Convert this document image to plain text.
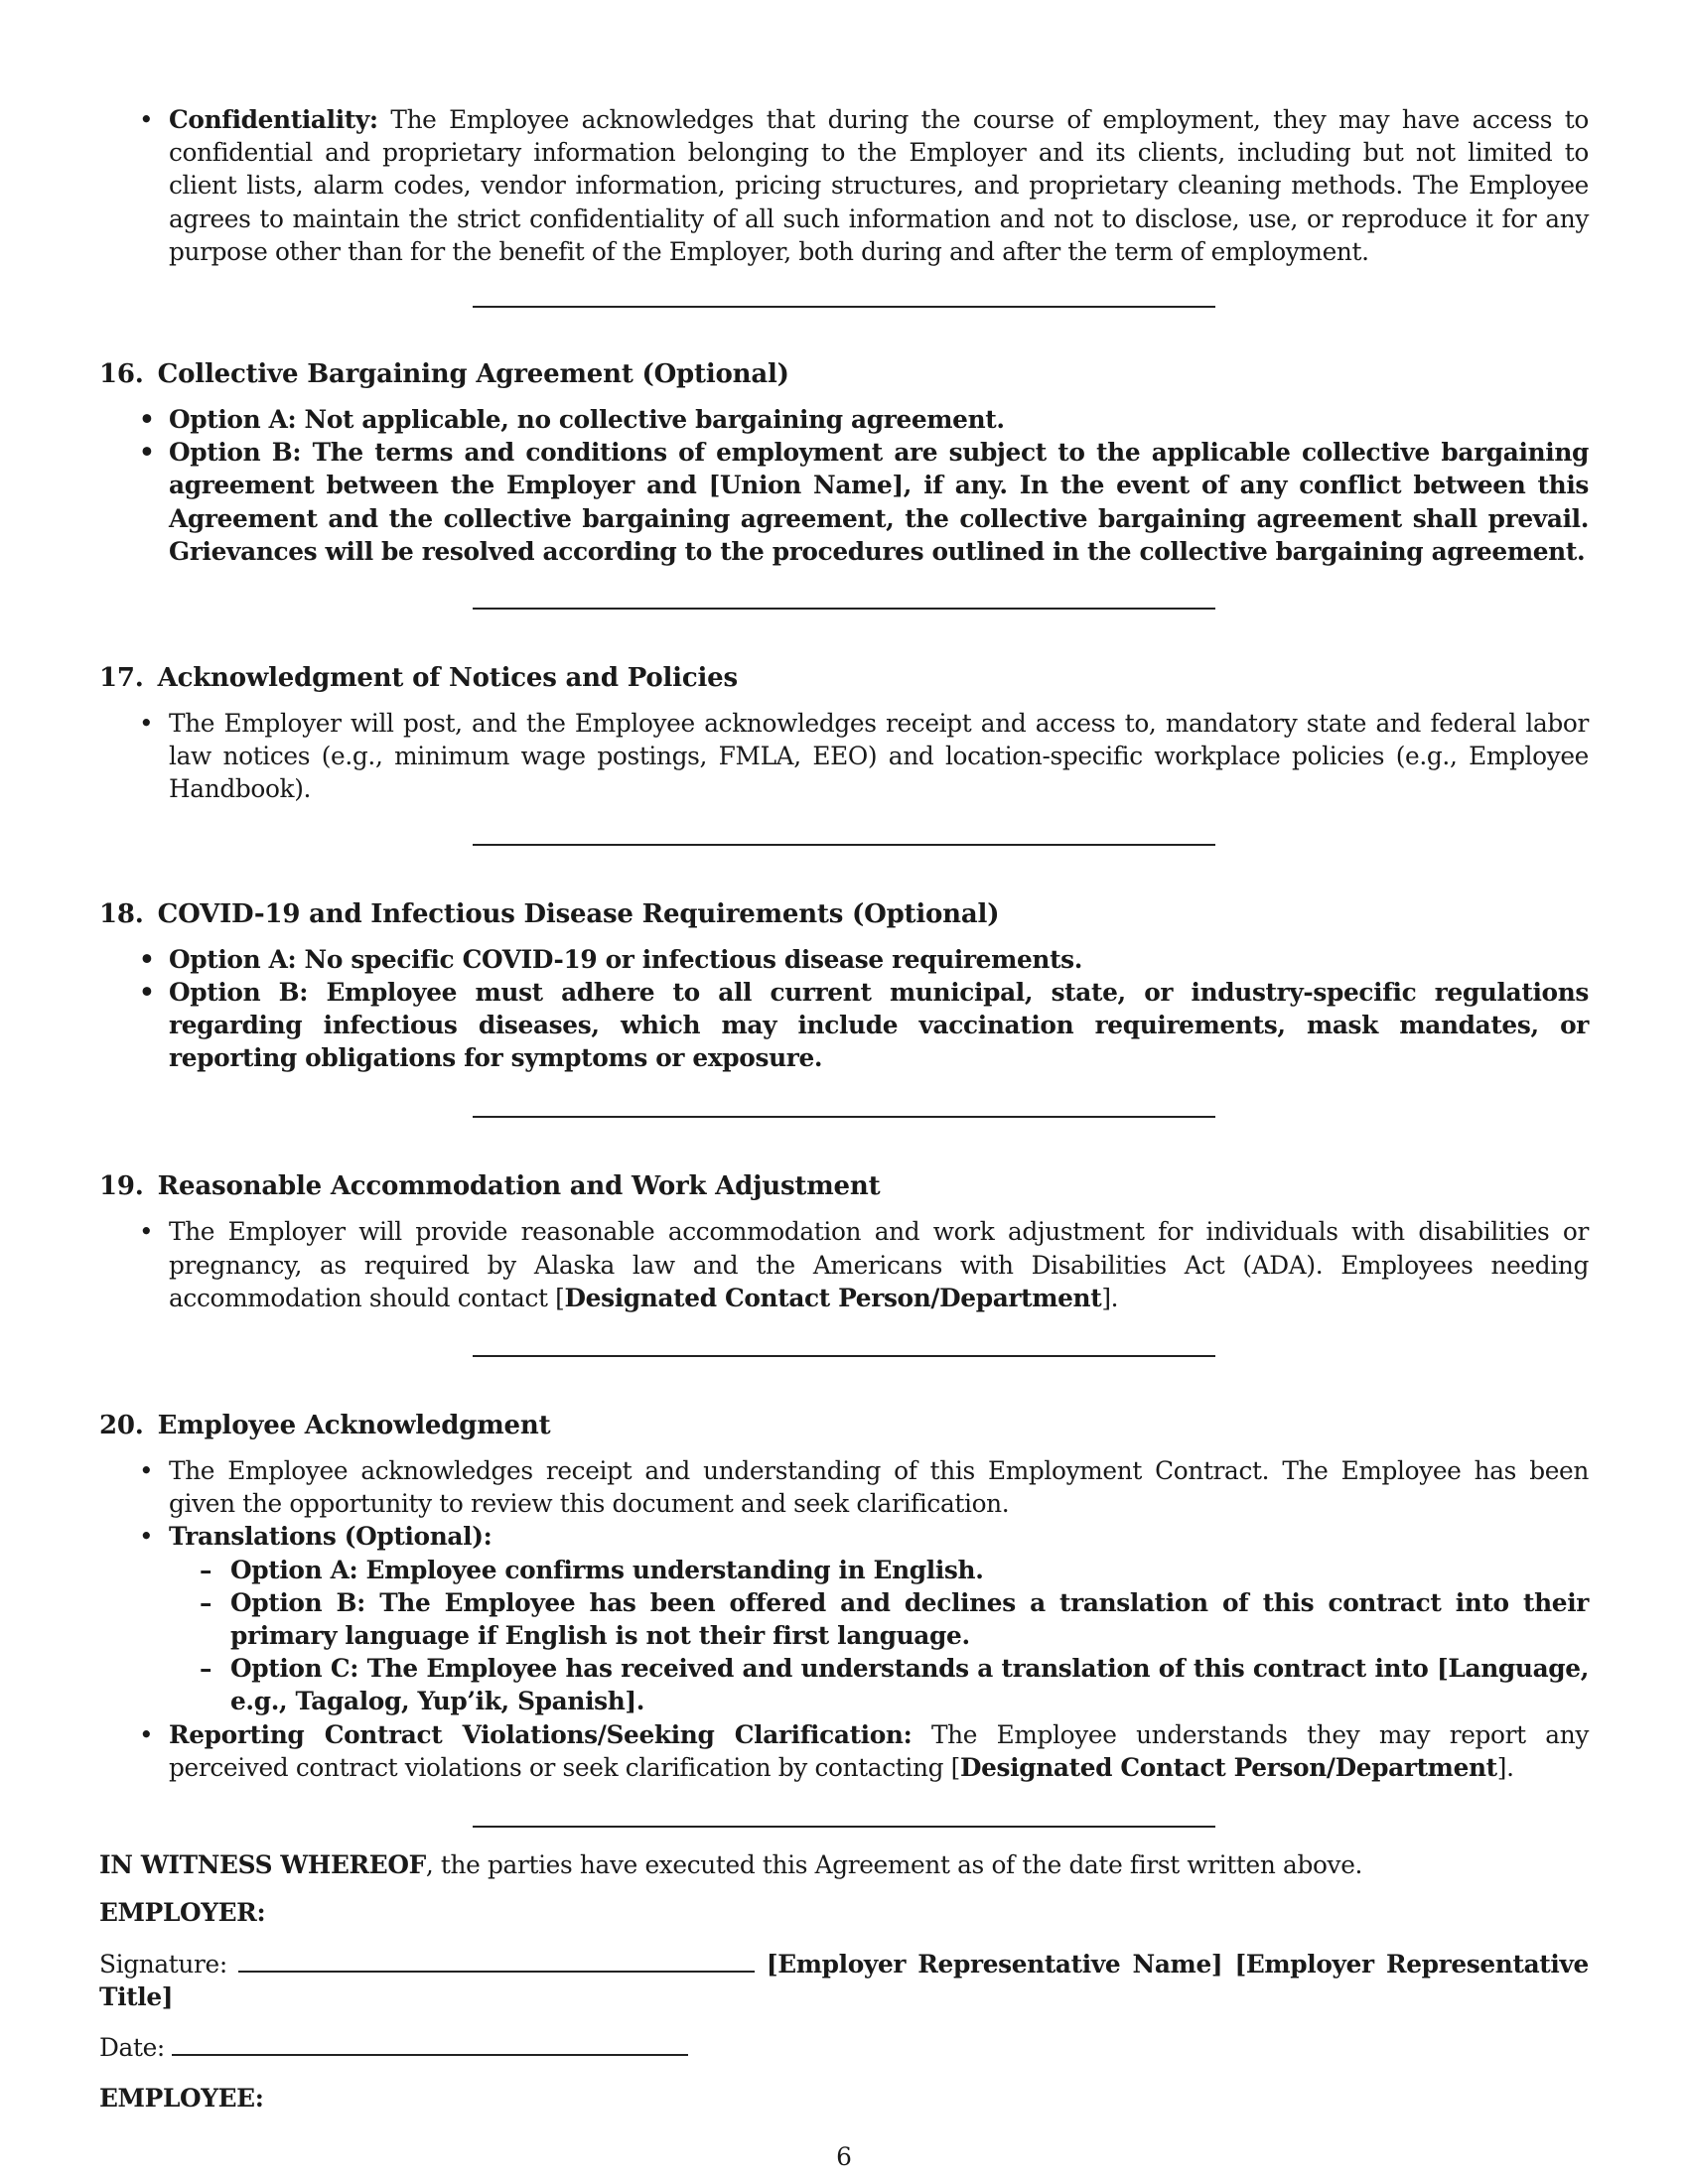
• Confidentiality: The Employee acknowledges that during the course of employment, they may have access to confidential and proprietary information belonging to the Employer and its clients, including but not limited to client lists, alarm codes, vendor information, pricing structures, and proprietary cleaning methods. The Employee agrees to maintain the strict confidentiality of all such information and not to disclose, use, or reproduce it for any purpose other than for the benefit of the Employer, both during and after the term of employment.
16. Collective Bargaining Agreement (Optional)
• Option A: Not applicable, no collective bargaining agreement.
• Option B: The terms and conditions of employment are subject to the applicable collective bargaining agreement between the Employer and [Union Name], if any. In the event of any conflict between this Agreement and the collective bargaining agreement, the collective bargaining agreement shall prevail. Grievances will be resolved according to the procedures outlined in the collective bargaining agreement.
17. Acknowledgment of Notices and Policies
• The Employer will post, and the Employee acknowledges receipt and access to, mandatory state and federal labor law notices (e.g., minimum wage postings, FMLA, EEO) and location-specific workplace policies (e.g., Employee Handbook).
18. COVID-19 and Infectious Disease Requirements (Optional)
• Option A: No specific COVID-19 or infectious disease requirements.
• Option B: Employee must adhere to all current municipal, state, or industry-specific regulations regarding infectious diseases, which may include vaccination requirements, mask mandates, or reporting obligations for symptoms or exposure.
19. Reasonable Accommodation and Work Adjustment
• The Employer will provide reasonable accommodation and work adjustment for individuals with disabilities or pregnancy, as required by Alaska law and the Americans with Disabilities Act (ADA). Employees needing accommodation should contact [Designated Contact Person/Department].
20. Employee Acknowledgment
• The Employee acknowledges receipt and understanding of this Employment Contract. The Employee has been given the opportunity to review this document and seek clarification.
• Translations (Optional):
– Option A: Employee confirms understanding in English.
– Option B: The Employee has been offered and declines a translation of this contract into their primary language if English is not their first language.
– Option C: The Employee has received and understands a translation of this contract into [Language, e.g., Tagalog, Yup’ik, Spanish].
• Reporting Contract Violations/Seeking Clarification: The Employee understands they may report any perceived contract violations or seek clarification by contacting [Designated Contact Person/Department].

IN WITNESS WHEREOF, the parties have executed this Agreement as of the date first written above.

EMPLOYER:

Signature:	[Employer Representative Name] [Employer Representative Title]

Date:

EMPLOYEE:

6
